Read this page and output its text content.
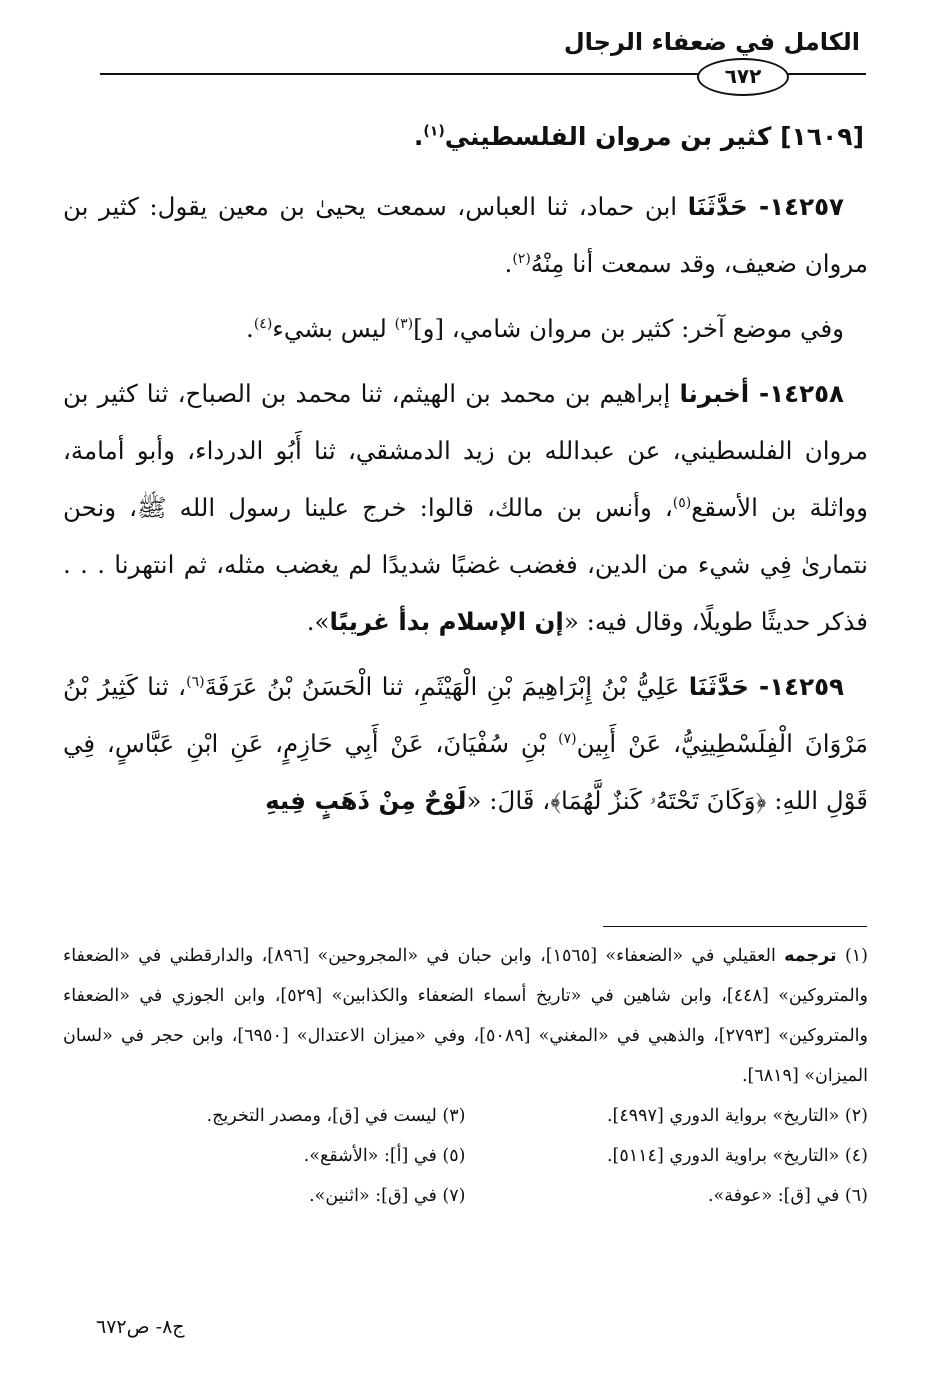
الكامل في ضعفاء الرجال
٦٧٢
[١٦٠٩] كثير بن مروان الفلسطيني$^{(١)}$.

١٤٢٥٧- حَدَّثَنَا ابن حماد، ثنا العباس، سمعت يحيىٰ بن معين يقول: كثير بن مروان ضعيف، وقد سمعت أنا مِنْهُ$^{(٢)}$.

وفي موضع آخر: كثير بن مروان شامي، [و]$^{(٣)}$ ليس بشيء$^{(٤)}$.

١٤٢٥٨- أخبرنا إبراهيم بن محمد بن الهيثم، ثنا محمد بن الصباح، ثنا كثير بن مروان الفلسطيني، عن عبدالله بن زيد الدمشقي، ثنا أَبُو الدرداء، وأبو أمامة، وواثلة بن الأسقع$^{(٥)}$، وأنس بن مالك، قالوا: خرج علينا رسول الله ﷺ، ونحن نتمارىٰ فِي شيء من الدين، فغضب غضبًا شديدًا لم يغضب مثله، ثم انتهرنا . . . فذكر حديثًا طويلًا، وقال فيه: «إن الإسلام بدأ غريبًا».

١٤٢٥٩- حَدَّثَنَا عَلِيُّ بْنُ إِبْرَاهِيمَ بْنِ الْهَيْثَمِ، ثنا الْحَسَنُ بْنُ عَرَفَةَ$^{(٦)}$، ثنا كَثِيرُ بْنُ مَرْوَانَ الْفِلَسْطِينِيُّ، عَنْ أَبِين$^{(٧)}$ بْنِ سُفْيَانَ، عَنْ أَبِي حَازِمٍ، عَنِ ابْنِ عَبَّاسٍ، فِي قَوْلِ اللهِ: ﴿وَكَانَ تَحْتَهُۥ كَنزٌ لَّهُمَا﴾، قَالَ: «لَوْحٌ مِنْ ذَهَبٍ فِيهِ

(١) ترجمه العقيلي في «الضعفاء» [١٥٦٥]، وابن حبان في «المجروحين» [٨٩٦]، والدارقطني في «الضعفاء والمتروكين» [٤٤٨]، وابن شاهين في «تاريخ أسماء الضعفاء والكذابين» [٥٢٩]، وابن الجوزي في «الضعفاء والمتروكين» [٢٧٩٣]، والذهبي في «المغني» [٥٠٨٩]، وفي «ميزان الاعتدال» [٦٩٥٠]، وابن حجر في «لسان الميزان» [٦٨١٩].
(٢) «التاريخ» برواية الدوري [٤٩٩٧].
(٣) ليست في [ق]، ومصدر التخريج.
(٤) «التاريخ» براوية الدوري [٥١١٤].
(٥) في [أ]: «الأشقع».
(٦) في [ق]: «عوفة».
(٧) في [ق]: «اثنين».
ج٨- ص٦٧٢
